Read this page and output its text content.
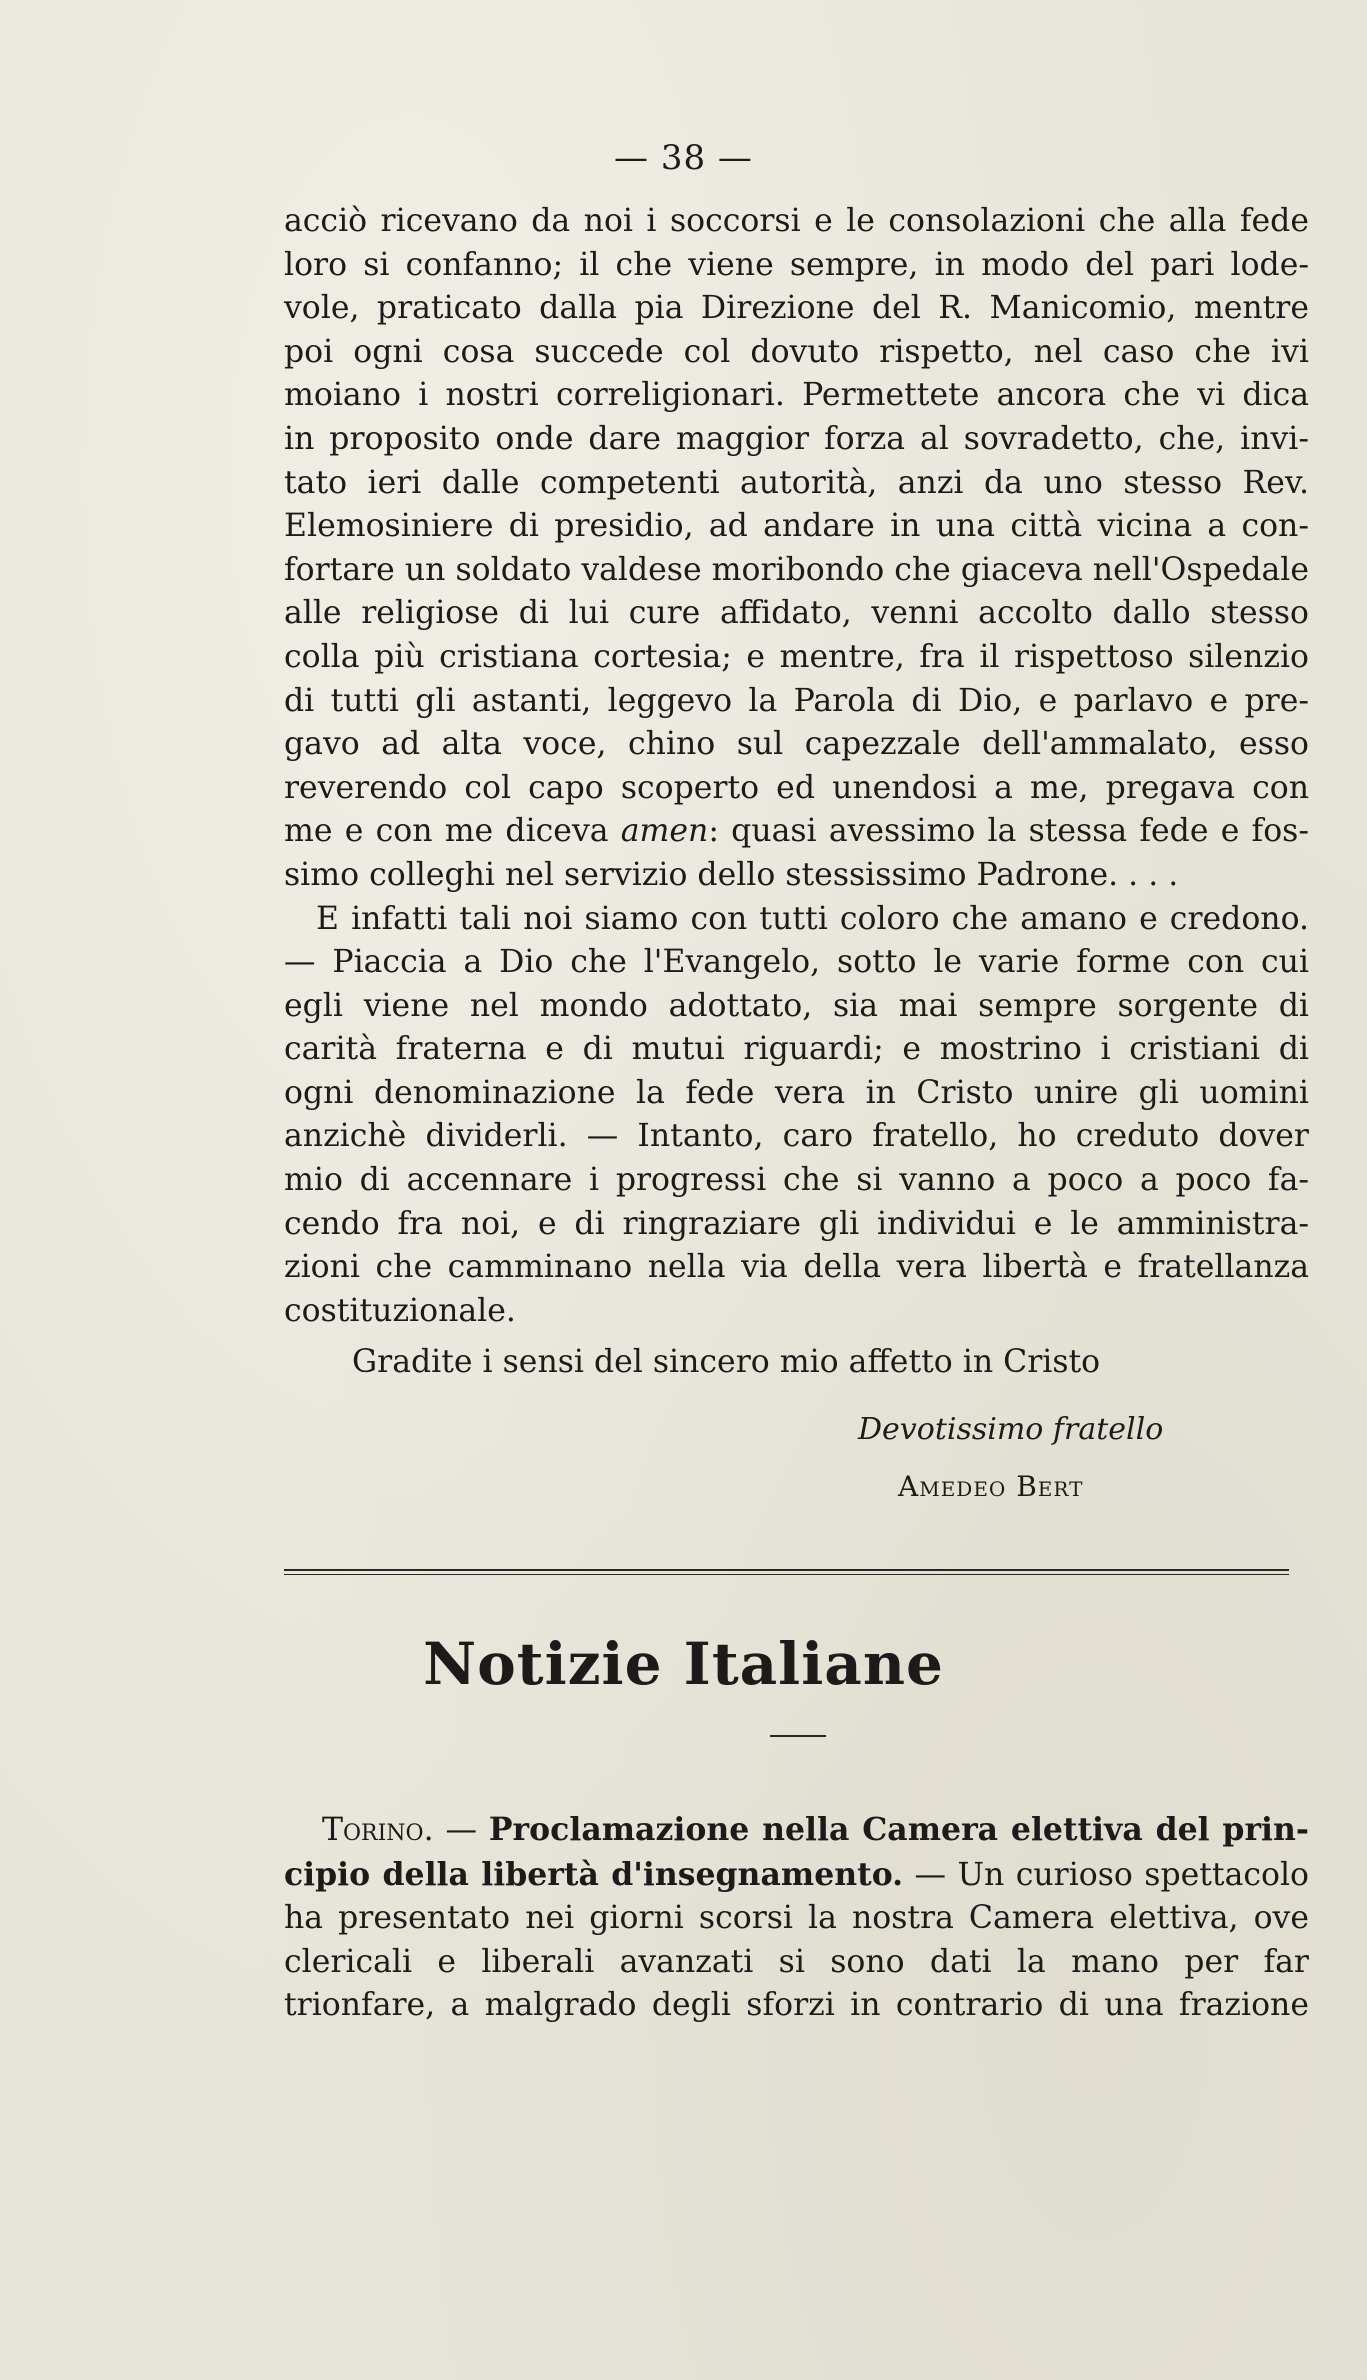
— 38 —
acciò ricevano da noi i soccorsi e le consolazioni che alla fede
loro si confanno; il che viene sempre, in modo del pari lode-
vole, praticato dalla pia Direzione del R. Manicomio, mentre
poi ogni cosa succede col dovuto rispetto, nel caso che ivi
moiano i nostri correligionari. Permettete ancora che vi dica
in proposito onde dare maggior forza al sovradetto, che, invi-
tato ieri dalle competenti autorità, anzi da uno stesso Rev.
Elemosiniere di presidio, ad andare in una città vicina a con-
fortare un soldato valdese moribondo che giaceva nell'Ospedale
alle religiose di lui cure affidato, venni accolto dallo stesso
colla più cristiana cortesia; e mentre, fra il rispettoso silenzio
di tutti gli astanti, leggevo la Parola di Dio, e parlavo e pre-
gavo ad alta voce, chino sul capezzale dell'ammalato, esso
reverendo col capo scoperto ed unendosi a me, pregava con
me e con me diceva amen: quasi avessimo la stessa fede e fos-
simo colleghi nel servizio dello stessissimo Padrone. . . .
E infatti tali noi siamo con tutti coloro che amano e credono.
— Piaccia a Dio che l'Evangelo, sotto le varie forme con cui
egli viene nel mondo adottato, sia mai sempre sorgente di
carità fraterna e di mutui riguardi; e mostrino i cristiani di
ogni denominazione la fede vera in Cristo unire gli uomini
anzichè dividerli. — Intanto, caro fratello, ho creduto dover
mio di accennare i progressi che si vanno a poco a poco fa-
cendo fra noi, e di ringraziare gli individui e le amministra-
zioni che camminano nella via della vera libertà e fratellanza
costituzionale.
Gradite i sensi del sincero mio affetto in Cristo
Devotissimo fratello
Amedeo Bert
Notizie Italiane
Torino. — Proclamazione nella Camera elettiva del prin-
cipio della libertà d'insegnamento. — Un curioso spettacolo
ha presentato nei giorni scorsi la nostra Camera elettiva, ove
clericali e liberali avanzati si sono dati la mano per far
trionfare, a malgrado degli sforzi in contrario di una frazione
